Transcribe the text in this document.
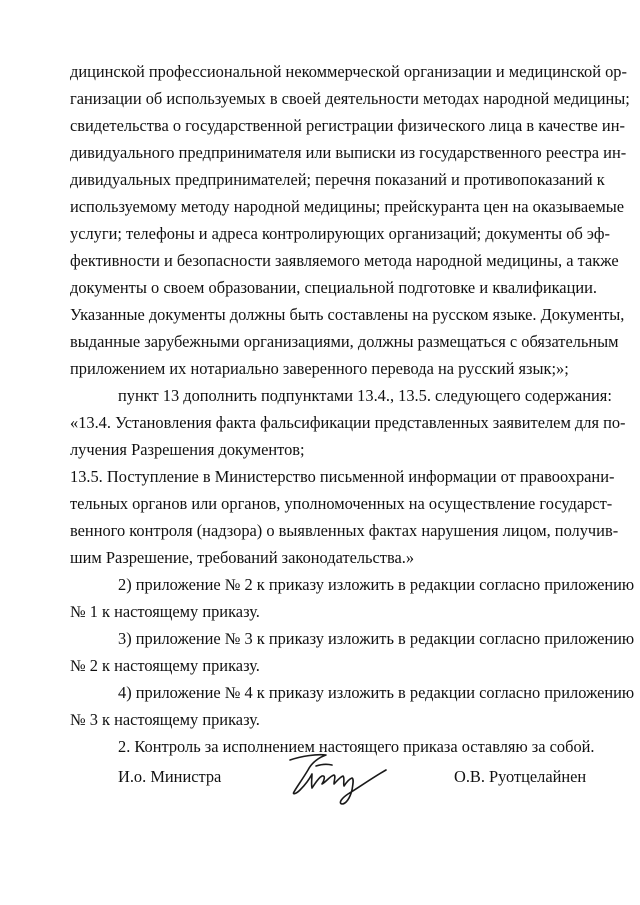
дицинской профессиональной некоммерческой организации и медицинской ор-
ганизации об используемых в своей деятельности методах народной медицины;
свидетельства о государственной регистрации физического лица в качестве ин-
дивидуального предпринимателя или выписки из государственного реестра ин-
дивидуальных предпринимателей; перечня показаний и противопоказаний к
используемому методу народной медицины; прейскуранта цен на оказываемые
услуги; телефоны и адреса контролирующих организаций; документы об эф-
фективности и безопасности заявляемого метода народной медицины, а также
документы о своем образовании, специальной подготовке и квалификации.
Указанные документы должны быть составлены на русском языке. Документы,
выданные зарубежными организациями, должны размещаться с обязательным
приложением их нотариально заверенного перевода на русский язык;»;
пункт 13 дополнить подпунктами 13.4., 13.5. следующего содержания:
«13.4. Установления факта фальсификации представленных заявителем для по-
лучения Разрешения документов;
13.5. Поступление в Министерство письменной информации от правоохрани-
тельных органов или органов, уполномоченных на осуществление государст-
венного контроля (надзора) о выявленных фактах нарушения лицом, получив-
шим Разрешение, требований законодательства.»
2) приложение № 2 к приказу изложить в редакции согласно приложению
№ 1 к настоящему приказу.
3) приложение № 3 к приказу изложить в редакции согласно приложению
№ 2 к настоящему приказу.
4) приложение № 4 к приказу изложить в редакции согласно приложению
№ 3 к настоящему приказу.
2. Контроль за исполнением настоящего приказа оставляю за собой.
И.о. Министра	О.В. Руотцелайнен
